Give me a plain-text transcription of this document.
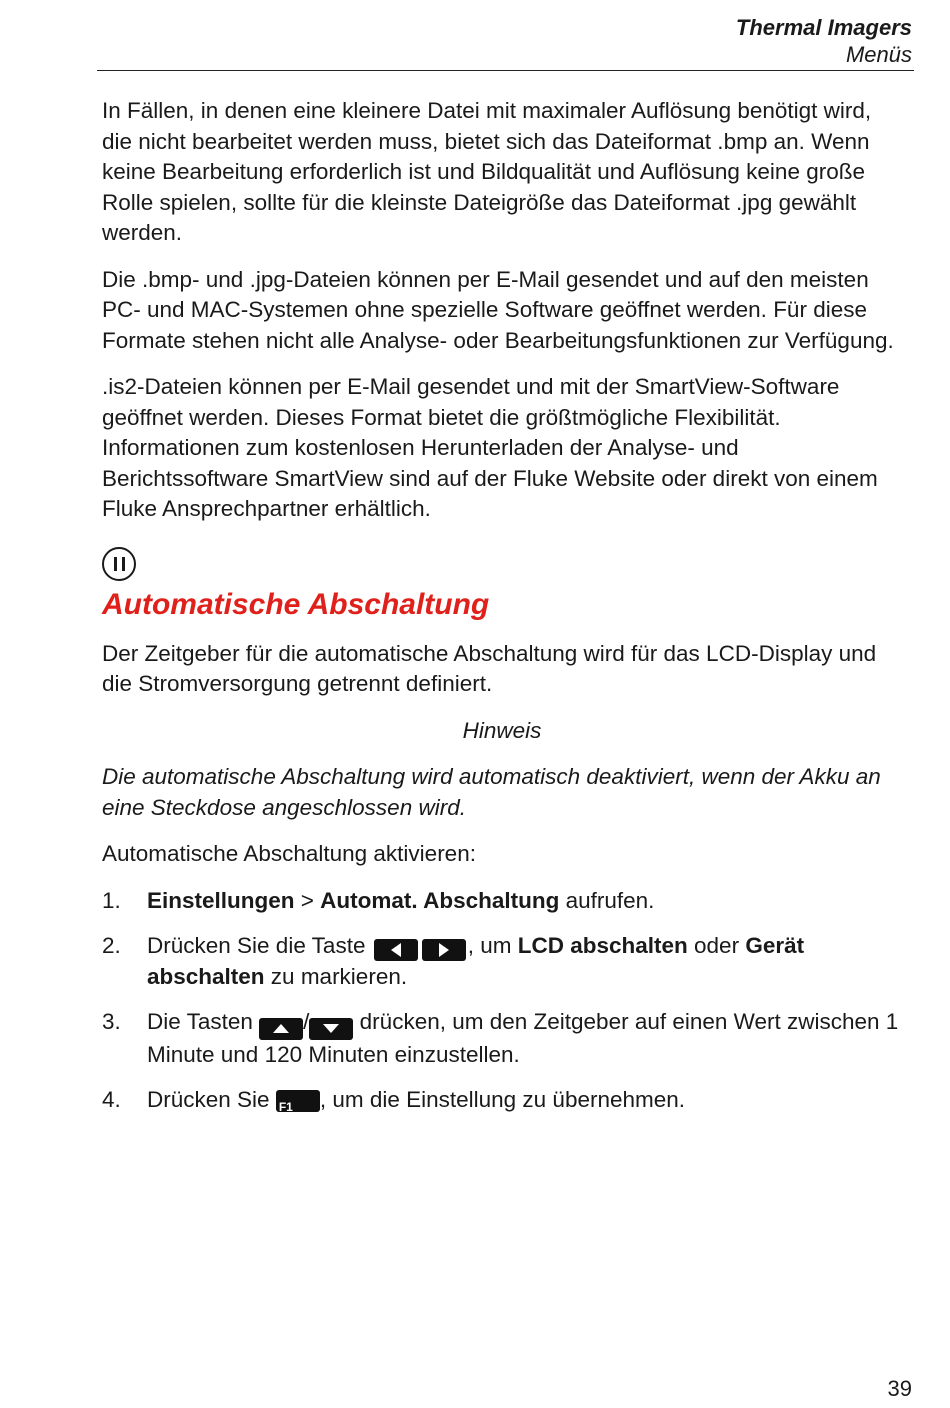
Thermal Imagers
Menüs

In Fällen, in denen eine kleinere Datei mit maximaler Auflösung benötigt wird, die nicht bearbeitet werden muss, bietet sich das Dateiformat .bmp an. Wenn keine Bearbeitung erforderlich ist und Bildqualität und Auflösung keine große Rolle spielen, sollte für die kleinste Dateigröße das Dateiformat .jpg gewählt werden.

Die .bmp- und .jpg-Dateien können per E-Mail gesendet und auf den meisten PC- und MAC-Systemen ohne spezielle Software geöffnet werden. Für diese Formate stehen nicht alle Analyse- oder Bearbeitungsfunktionen zur Verfügung.

.is2-Dateien können per E-Mail gesendet und mit der SmartView-Software geöffnet werden. Dieses Format bietet die größtmögliche Flexibilität. Informationen zum kostenlosen Herunterladen der Analyse- und Berichtssoftware SmartView sind auf der Fluke Website oder direkt von einem Fluke Ansprechpartner erhältlich.

Automatische Abschaltung

Der Zeitgeber für die automatische Abschaltung wird für das LCD-Display und die Stromversorgung getrennt definiert.

Hinweis

Die automatische Abschaltung wird automatisch deaktiviert, wenn der Akku an eine Steckdose angeschlossen wird.

Automatische Abschaltung aktivieren:

1.	Einstellungen > Automat. Abschaltung aufrufen.
2.	Drücken Sie die Taste	, um LCD abschalten oder Gerät abschalten zu markieren.
3.	Die Tasten
/
drücken, um den Zeitgeber auf einen Wert zwischen 1 Minute und 120 Minuten einzustellen.
4.	Drücken Sie F1 , um die Einstellung zu übernehmen.
39
